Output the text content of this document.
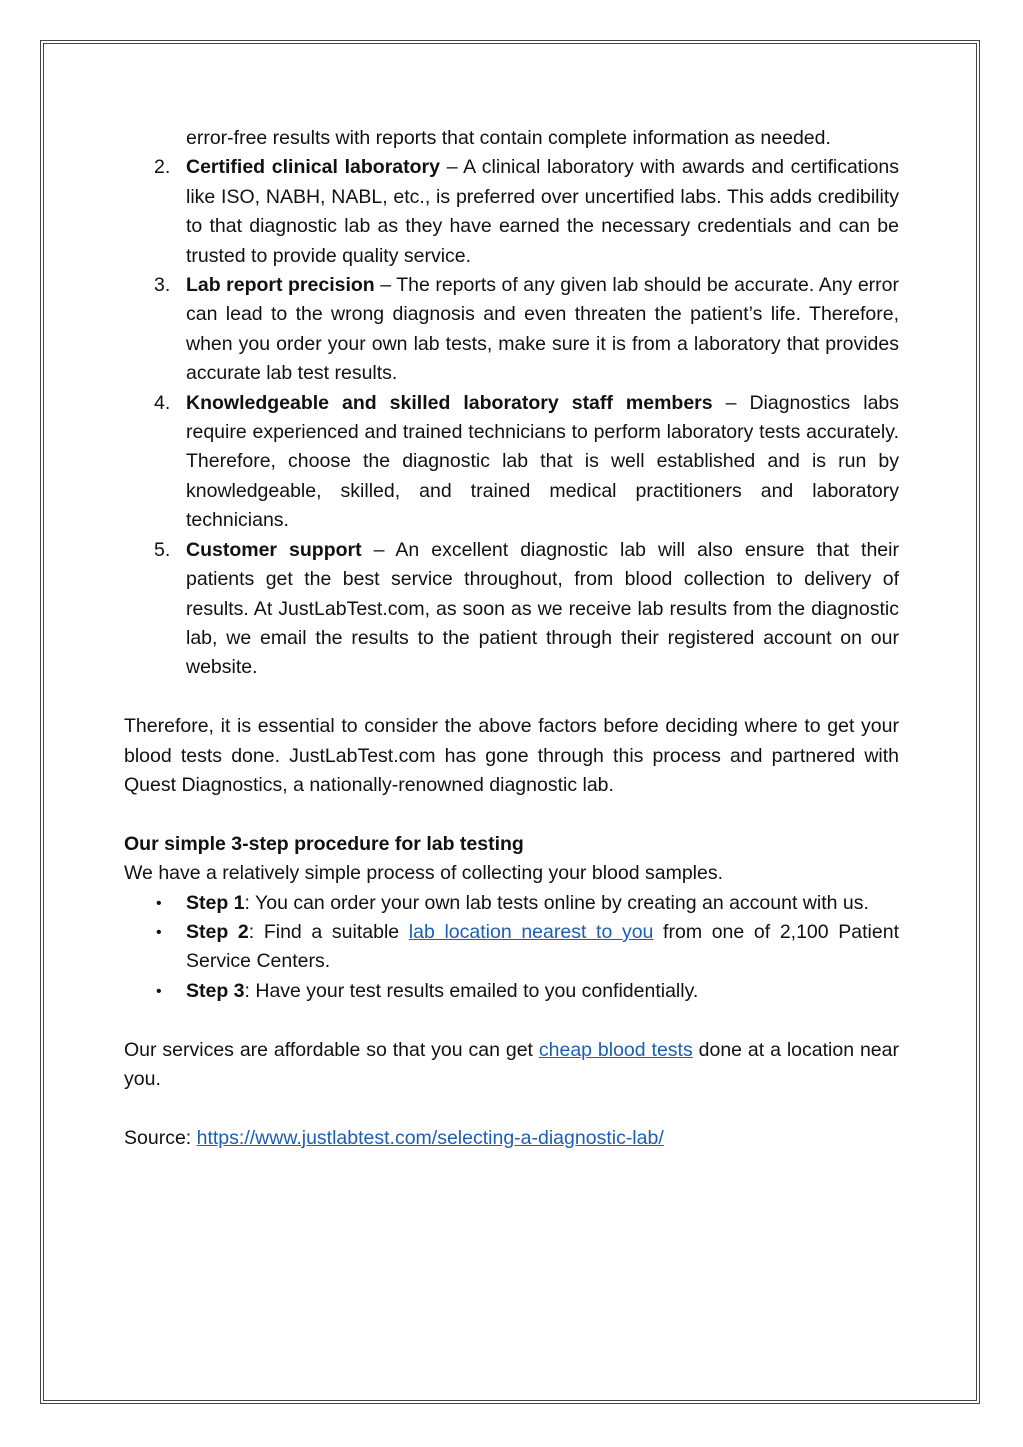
error-free results with reports that contain complete information as needed.
2. Certified clinical laboratory – A clinical laboratory with awards and certifications like ISO, NABH, NABL, etc., is preferred over uncertified labs. This adds credibility to that diagnostic lab as they have earned the necessary credentials and can be trusted to provide quality service.
3. Lab report precision – The reports of any given lab should be accurate. Any error can lead to the wrong diagnosis and even threaten the patient’s life. Therefore, when you order your own lab tests, make sure it is from a laboratory that provides accurate lab test results.
4. Knowledgeable and skilled laboratory staff members – Diagnostics labs require experienced and trained technicians to perform laboratory tests accurately. Therefore, choose the diagnostic lab that is well established and is run by knowledgeable, skilled, and trained medical practitioners and laboratory technicians.
5. Customer support – An excellent diagnostic lab will also ensure that their patients get the best service throughout, from blood collection to delivery of results. At JustLabTest.com, as soon as we receive lab results from the diagnostic lab, we email the results to the patient through their registered account on our website.

Therefore, it is essential to consider the above factors before deciding where to get your blood tests done. JustLabTest.com has gone through this process and partnered with Quest Diagnostics, a nationally-renowned diagnostic lab.

Our simple 3-step procedure for lab testing

We have a relatively simple process of collecting your blood samples.

• Step 1: You can order your own lab tests online by creating an account with us.
• Step 2: Find a suitable lab location nearest to you from one of 2,100 Patient Service Centers.
• Step 3: Have your test results emailed to you confidentially.

Our services are affordable so that you can get cheap blood tests done at a location near you.

Source: https://www.justlabtest.com/selecting-a-diagnostic-lab/
